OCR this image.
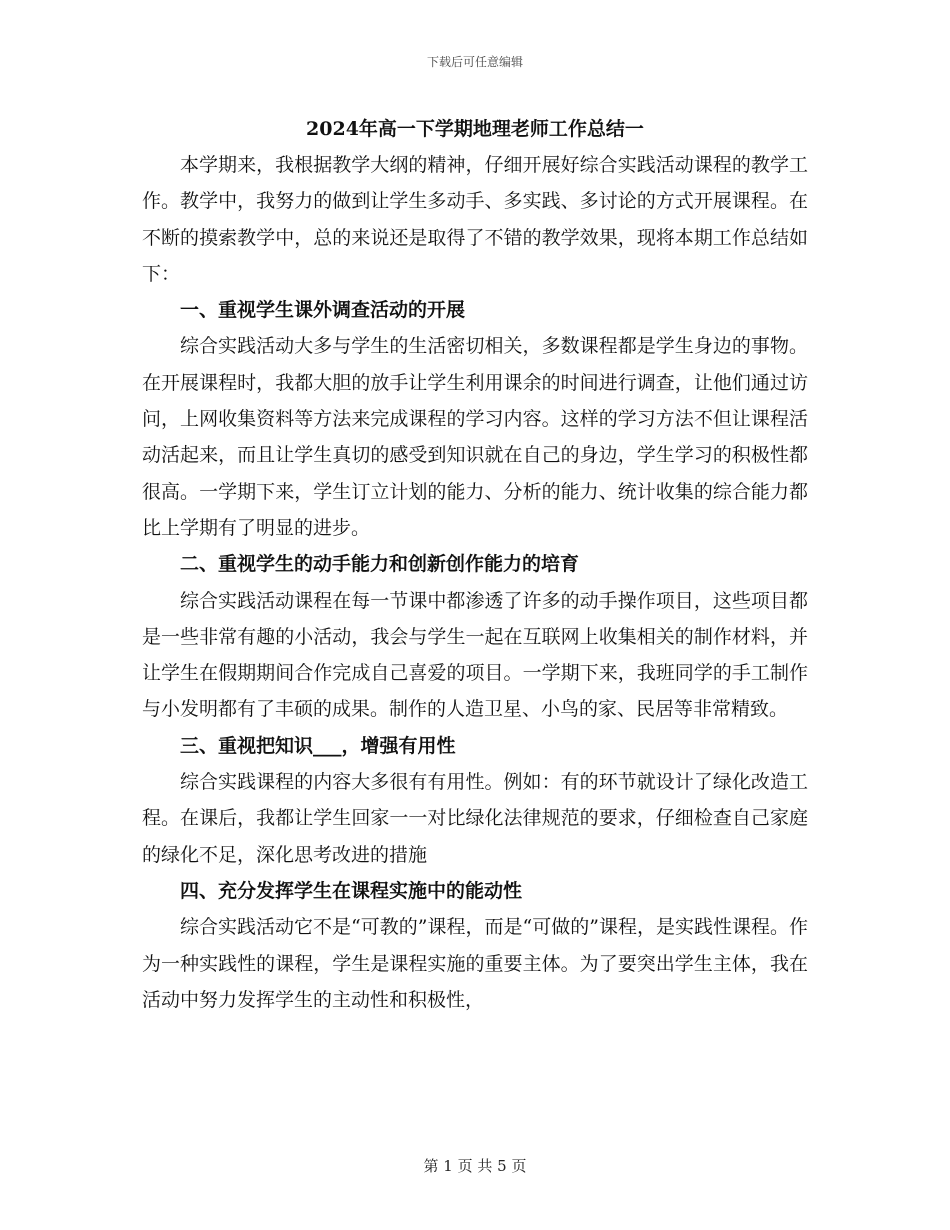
下载后可任意编辑
2024年高一下学期地理老师工作总结一

本学期来，我根据教学大纲的精神，仔细开展好综合实践活动课程的教学工作。教学中，我努力的做到让学生多动手、多实践、多讨论的方式开展课程。在不断的摸索教学中，总的来说还是取得了不错的教学效果，现将本期工作总结如下：

一、重视学生课外调查活动的开展

综合实践活动大多与学生的生活密切相关，多数课程都是学生身边的事物。在开展课程时，我都大胆的放手让学生利用课余的时间进行调查，让他们通过访问，上网收集资料等方法来完成课程的学习内容。这样的学习方法不但让课程活动活起来，而且让学生真切的感受到知识就在自己的身边，学生学习的积极性都很高。一学期下来，学生订立计划的能力、分析的能力、统计收集的综合能力都比上学期有了明显的进步。

二、重视学生的动手能力和创新创作能力的培育

综合实践活动课程在每一节课中都渗透了许多的动手操作项目，这些项目都是一些非常有趣的小活动，我会与学生一起在互联网上收集相关的制作材料，并让学生在假期期间合作完成自己喜爱的项目。一学期下来，我班同学的手工制作与小发明都有了丰硕的成果。制作的人造卫星、小鸟的家、民居等非常精致。

三、重视把知识___，增强有用性

综合实践课程的内容大多很有有用性。例如：有的环节就设计了绿化改造工程。在课后，我都让学生回家一一对比绿化法律规范的要求，仔细检查自己家庭的绿化不足，深化思考改进的措施

四、充分发挥学生在课程实施中的能动性

综合实践活动它不是“可教的”课程，而是“可做的”课程，是实践性课程。作为一种实践性的课程，学生是课程实施的重要主体。为了要突出学生主体，我在活动中努力发挥学生的主动性和积极性，

第 1 页 共 5 页
